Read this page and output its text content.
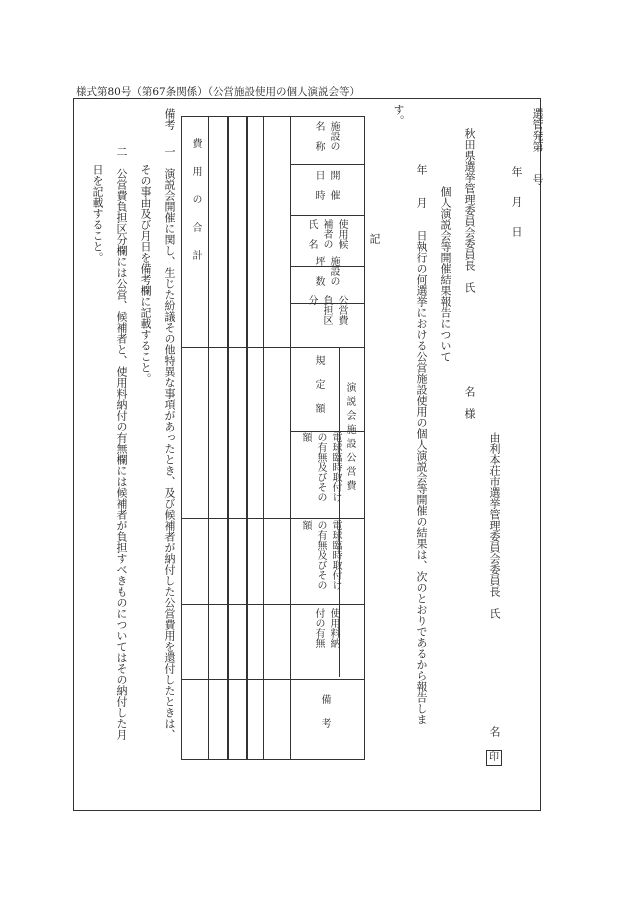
様式第80号（第67条関係）（公営施設使用の個人演説会等）
選管発第　　号
年　月　日
由利本荘市選挙管理委員会委員長　氏
名
印
秋田県選挙管理委員会委員長　氏
名　様
個人演説会等開催結果報告について
年　　月　　日執行の何選挙における公営施設使用の個人演説会等開催の結果は、次のとおりであるから報告しま
す。
記
施設の
名　称
開　催
日　時
使用候
補者の
氏　名
施設の
坪　数
公営費
負担区
分
演説会施設公営費
規　定　額
電球臨時取付け
の有無及びその
額
電球臨時取付け
の有無及びその
額
使用料納
付の有無
備　考
費　用　の　合　計
備考
一　演説会開催に関し、生じた紛議その他特異な事項があったとき、及び候補者が納付した公営費用を還付したときは、
その事由及び月日を備考欄に記載すること。
二　公営費負担区分欄には公営、候補者と、使用料納付の有無欄には候補者が負担すべきものについてはその納付した月
日を記載すること。
